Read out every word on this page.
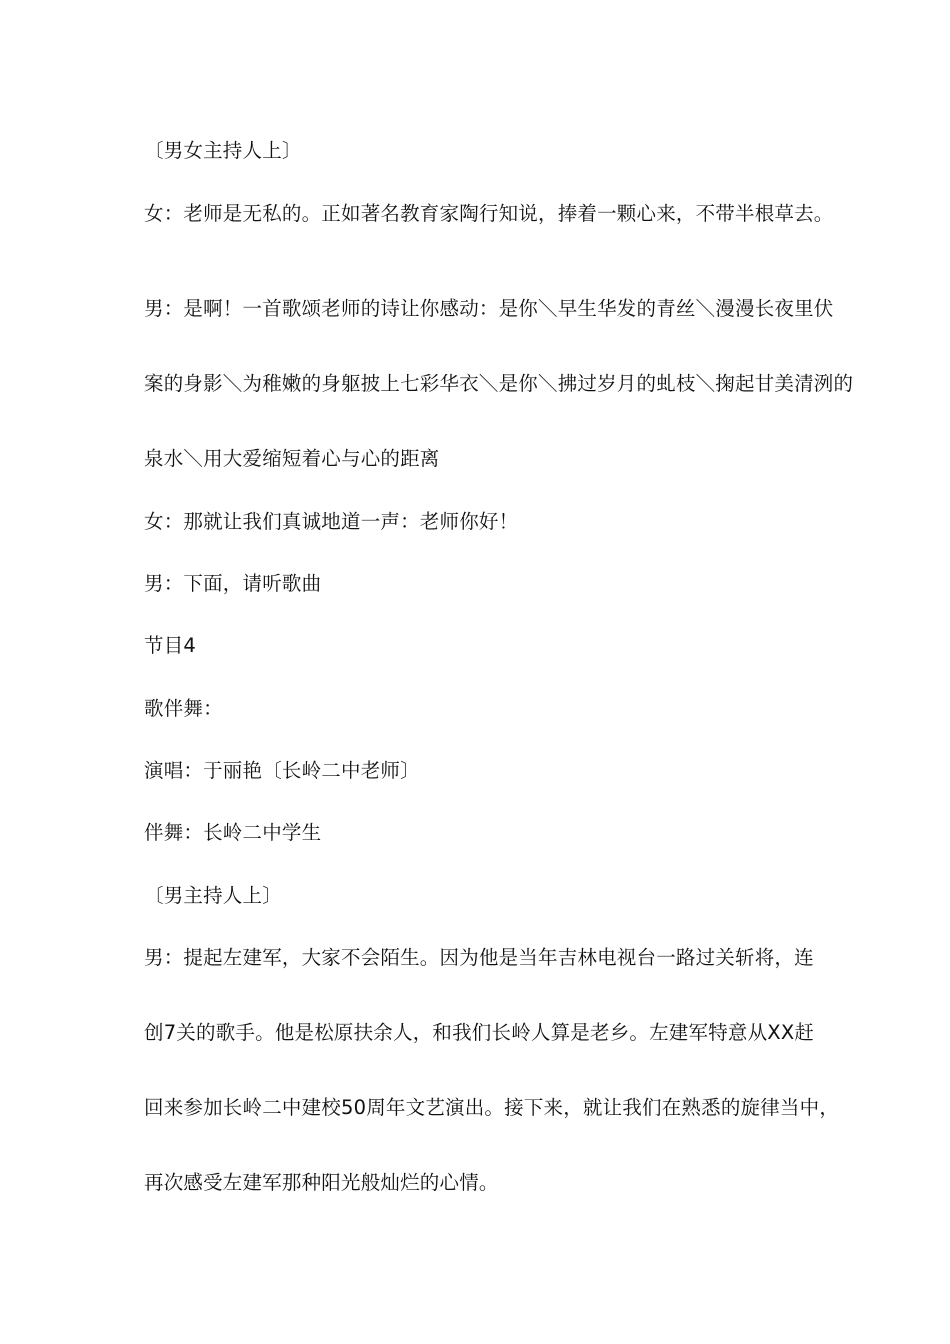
〔男女主持人上〕
女：老师是无私的。正如著名教育家陶行知说，捧着一颗心来，不带半根草去。
男：是啊！一首歌颂老师的诗让你感动：是你＼早生华发的青丝＼漫漫长夜里伏
案的身影＼为稚嫩的身躯披上七彩华衣＼是你＼拂过岁月的虬枝＼掬起甘美清洌的
泉水＼用大爱缩短着心与心的距离
女：那就让我们真诚地道一声：老师你好！
男：下面，请听歌曲
节目4
歌伴舞：
演唱：于丽艳〔长岭二中老师〕
伴舞：长岭二中学生
〔男主持人上〕
男：提起左建军，大家不会陌生。因为他是当年吉林电视台一路过关斩将，连
创7关的歌手。他是松原扶余人，和我们长岭人算是老乡。左建军特意从XX赶
回来参加长岭二中建校50周年文艺演出。接下来，就让我们在熟悉的旋律当中，
再次感受左建军那种阳光般灿烂的心情。
